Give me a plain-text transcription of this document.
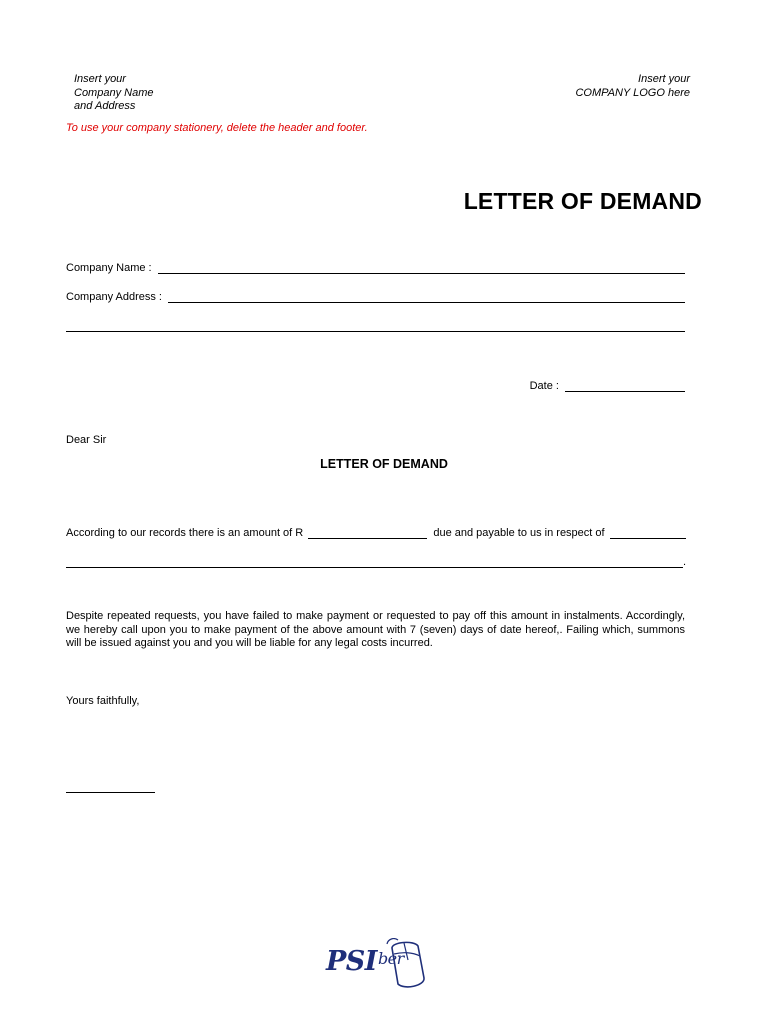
Insert your
Company Name
and Address
Insert your
COMPANY LOGO here
To use your company stationery, delete the header and footer.
LETTER OF DEMAND
Company Name :
Company Address :
Date :
Dear Sir
LETTER OF DEMAND
According to our records there is an amount of R	due and payable to us in respect of
.
Despite repeated requests, you have failed to make payment or requested to pay off this amount in instalments. Accordingly, we hereby call upon you to make payment of the above amount with 7 (seven) days of date hereof,. Failing which, summons will be issued against you and you will be liable for any legal costs incurred.
Yours faithfully,
$PSI^{ber}$
